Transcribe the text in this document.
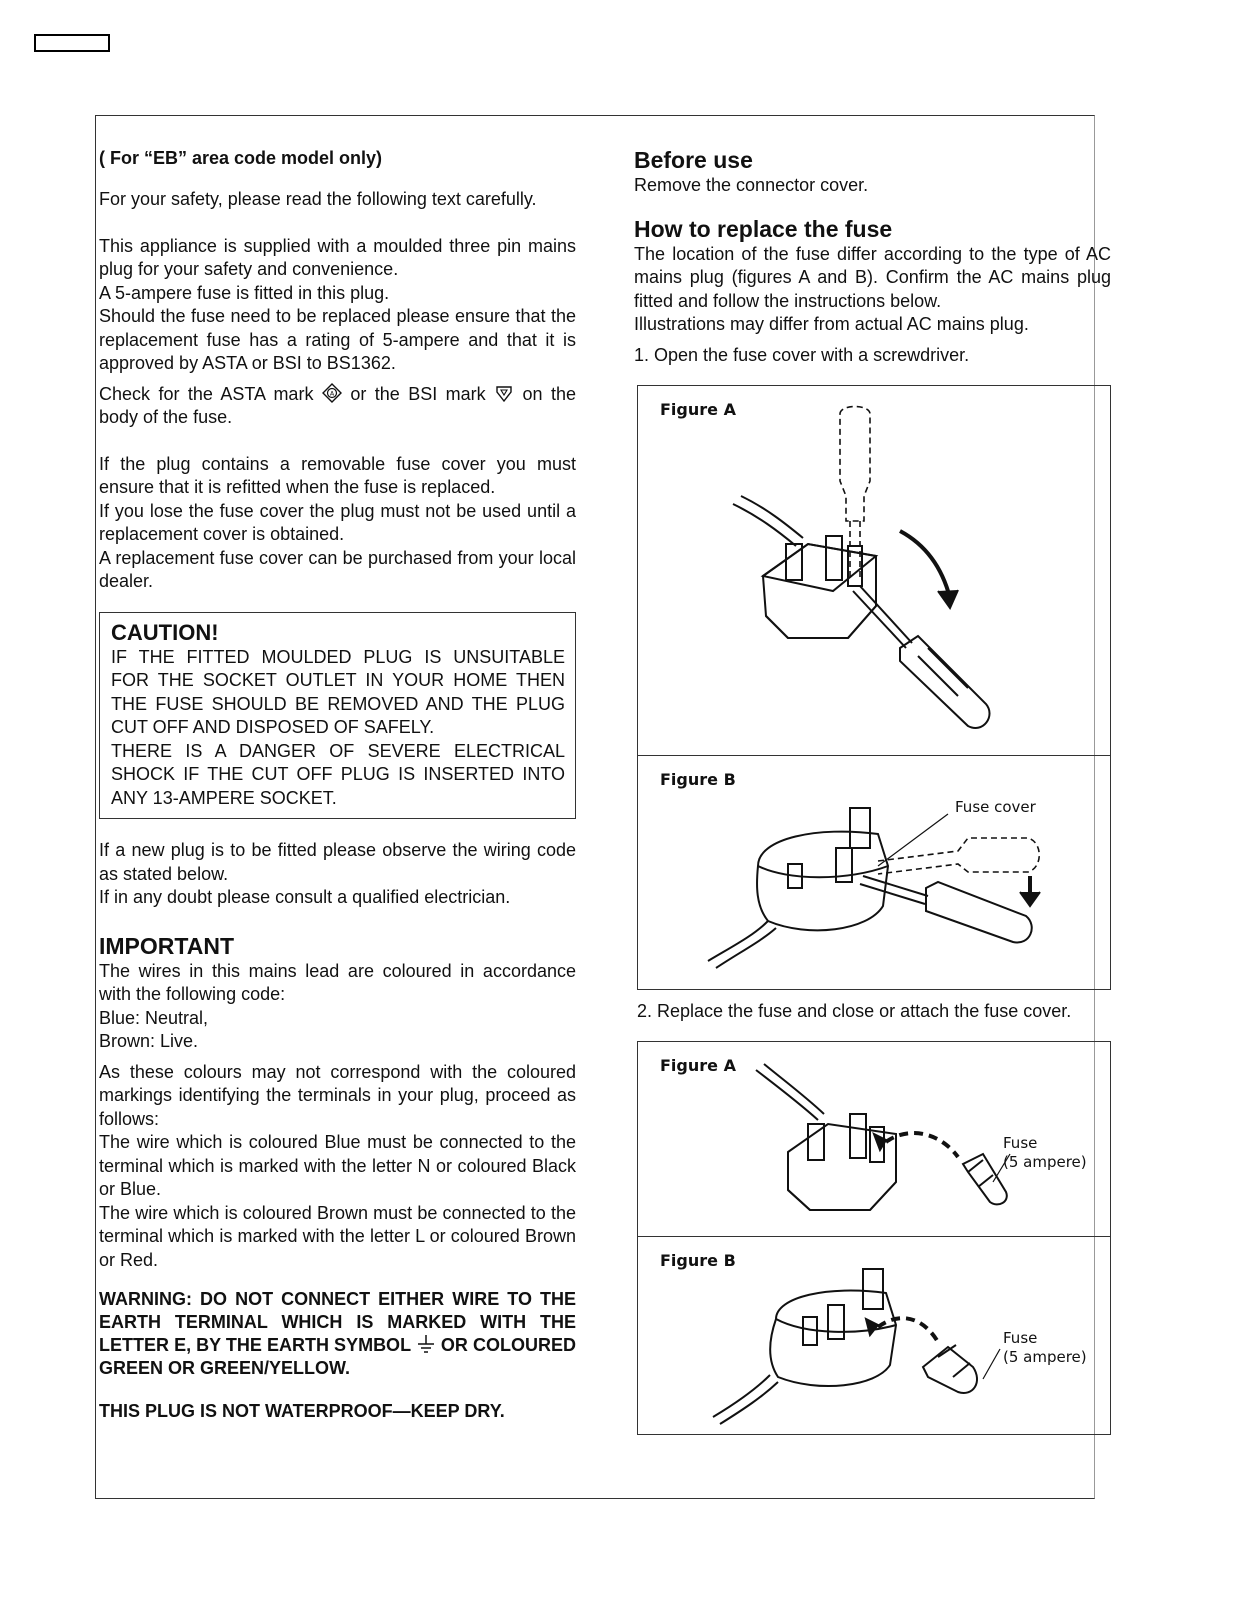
( For “EB” area code model only)

For your safety, please read the following text carefully.

This appliance is supplied with a moulded three pin mains plug for your safety and convenience.

A 5-ampere fuse is fitted in this plug.

Should the fuse need to be replaced please ensure that the replacement fuse has a rating of 5-ampere and that it is approved by ASTA or BSI to BS1362.

Check for the ASTA mark	A or the BSI mark on the body of the fuse.

If the plug contains a removable fuse cover you must ensure that it is refitted when the fuse is replaced.

If you lose the fuse cover the plug must not be used until a replacement cover is obtained.

A replacement fuse cover can be purchased from your local dealer.

CAUTION!

IF THE FITTED MOULDED PLUG IS UNSUITABLE FOR THE SOCKET OUTLET IN YOUR HOME THEN THE FUSE SHOULD BE REMOVED AND THE PLUG CUT OFF AND DISPOSED OF SAFELY.

THERE IS A DANGER OF SEVERE ELECTRICAL SHOCK IF THE CUT OFF PLUG IS INSERTED INTO ANY 13-AMPERE SOCKET.

If a new plug is to be fitted please observe the wiring code as stated below.

If in any doubt please consult a qualified electrician.

IMPORTANT

The wires in this mains lead are coloured in accordance with the following code:

Blue: Neutral,

Brown: Live.

As these colours may not correspond with the coloured markings identifying the terminals in your plug, proceed as follows:

The wire which is coloured Blue must be connected to the terminal which is marked with the letter N or coloured Black or Blue.

The wire which is coloured Brown must be connected to the terminal which is marked with the letter L or coloured Brown or Red.

WARNING: DO NOT CONNECT EITHER WIRE TO THE EARTH TERMINAL WHICH IS MARKED WITH THE LETTER E, BY THE EARTH SYMBOL OR COLOURED GREEN OR GREEN/YELLOW.

THIS PLUG IS NOT WATERPROOF—KEEP DRY.

Before use

Remove the connector cover.

How to replace the fuse

The location of the fuse differ according to the type of AC mains plug (figures A and B). Confirm the AC mains plug fitted and follow the instructions below.

Illustrations may differ from actual AC mains plug.

1. Open the fuse cover with a screwdriver.

Figure A
Figure B
Fuse cover

2. Replace the fuse and close or attach the fuse cover.

Figure A
Fuse
(5 ampere)
Figure B
Fuse
(5 ampere)
